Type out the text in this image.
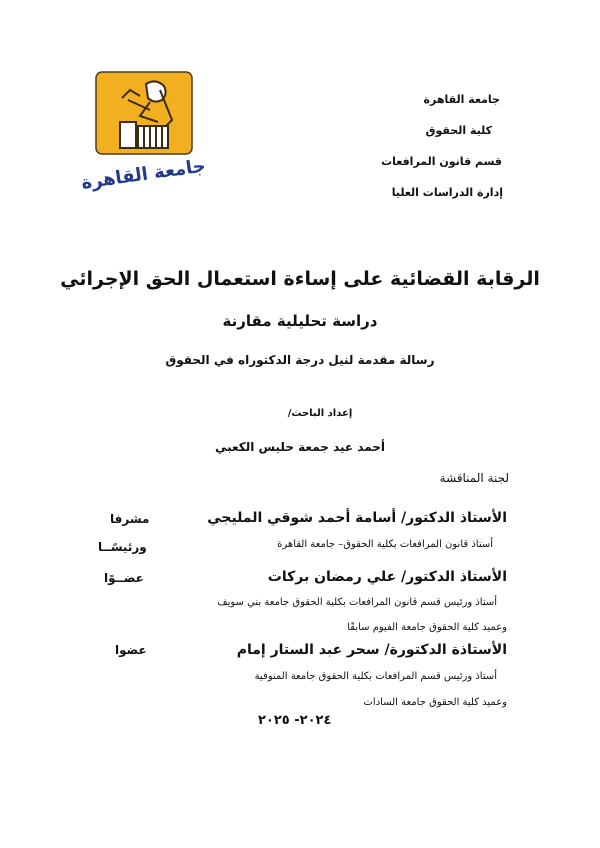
جامعة القاهرة
كلية الحقوق
قسم قانون المرافعات
إدارة الدراسات العليا
جامعة القاهرة
الرقابة القضائية على إساءة استعمال الحق الإجرائي
دراسة تحليلية مقارنة
رسالة مقدمة لنيل درجة الدكتوراه في الحقوق
إعداد الباحث/
أحمد عيد جمعة حليس الكعبي
لجنة المناقشة
الأستاذ الدكتور/ أسامة أحمد شوقي المليجي
مشرفا
أستاذ قانون المرافعات بكلية الحقوق– جامعة القاهرة
ورئيسًــا
الأستاذ الدكتور/ علي رمضان بركات
عضــوًا
أستاذ ورئيس قسم قانون المرافعات بكلية الحقوق جامعة بني سويف
وعميد كلية الحقوق جامعة الفيوم سابقًا
الأستاذة الدكتورة/ سحر عبد الستار إمام
عضوا
أستاذ ورئيس قسم المرافعات بكلية الحقوق جامعة المنوفية
وعميد كلية الحقوق جامعة السادات
٢٠٢٤- ٢٠٢٥
